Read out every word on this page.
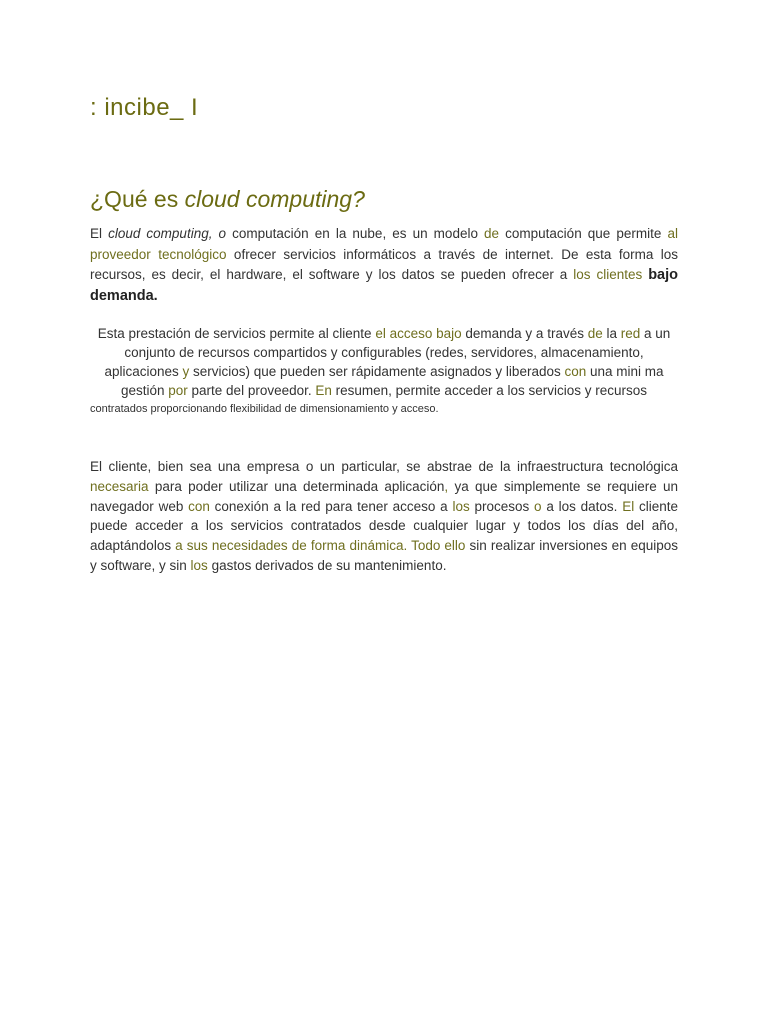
: incibe_ I
¿Qué es cloud computing?

El cloud computing, o computación en la nube, es un modelo de computación que permite al proveedor tecnológico ofrecer servicios informáticos a través de internet. De esta forma los recursos, es decir, el hardware, el software y los datos se pueden ofrecer a los clientes bajo demanda.

Esta prestación de servicios permite al cliente el acceso bajo demanda y a través de la red a un conjunto de recursos compartidos y configurables (redes, servidores, almacenamiento, aplicaciones y servicios) que pueden ser rápidamente asignados y liberados con una mini ma gestión por parte del proveedor. En resumen, permite acceder a los servicios y recursos
contratados proporcionando flexibilidad de dimensionamiento y acceso.

El cliente, bien sea una empresa o un particular, se abstrae de la infraestructura tecnológica necesaria para poder utilizar una determinada aplicación, ya que simplemente se requiere un navegador web con conexión a la red para tener acceso a los procesos o a los datos. El cliente puede acceder a los servicios contratados desde cualquier lugar y todos los días del año, adaptándolos a sus necesidades de forma dinámica. Todo ello sin realizar inversiones en equipos y software, y sin los gastos derivados de su mantenimiento.
